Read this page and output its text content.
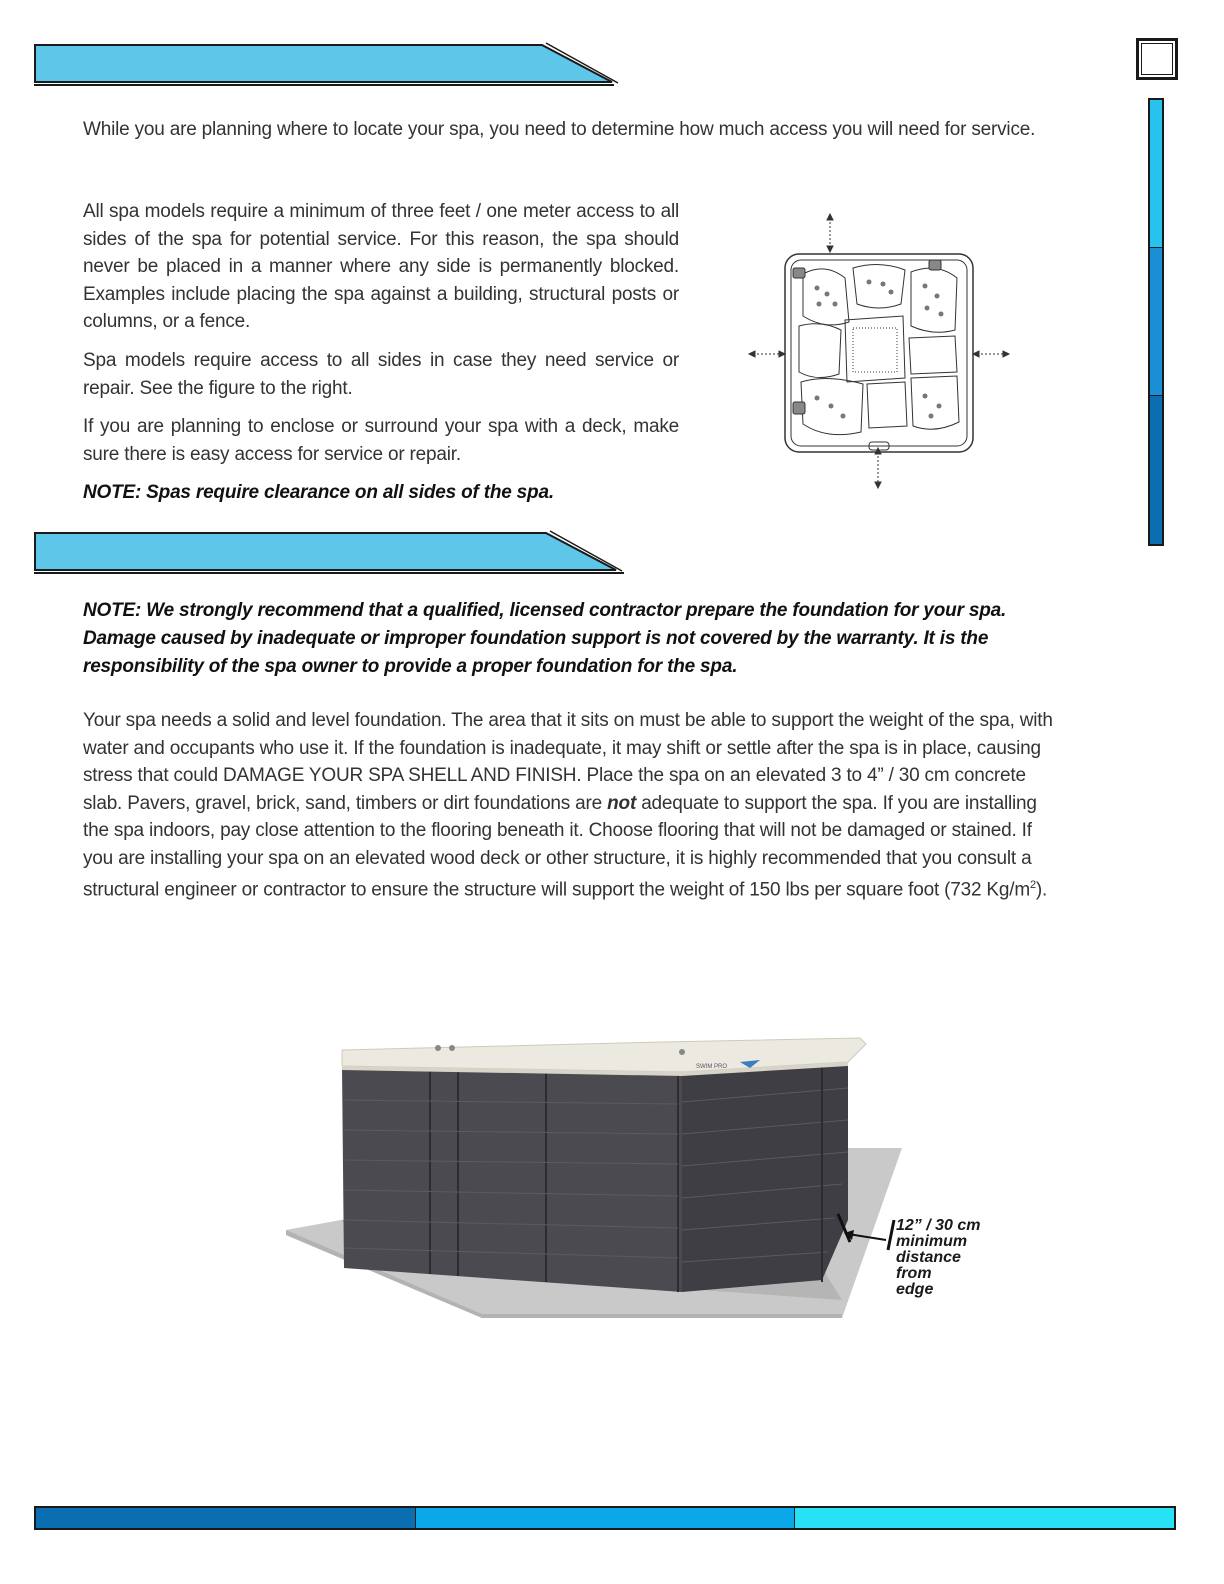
While you are planning where to locate your spa, you need to determine how much access you will need for service.

All spa models require a minimum of three feet / one meter access to all sides of the spa for potential service. For this reason, the spa should never be placed in a manner where any side is permanently blocked. Examples include placing the spa against a building, structural posts or columns, or a fence.

Spa models require access to all sides in case they need service or repair. See the figure to the right.

If you are planning to enclose or surround your spa with a deck, make sure there is easy access for service or repair.

NOTE: Spas require clearance on all sides of the spa.

NOTE: We strongly recommend that a qualified, licensed contractor prepare the foundation for your spa. Damage caused by inadequate or improper foundation support is not covered by the warranty. It is the responsibility of the spa owner to provide a proper foundation for the spa.

Your spa needs a solid and level foundation. The area that it sits on must be able to support the weight of the spa, with water and occupants who use it. If the foundation is inadequate, it may shift or settle after the spa is in place, causing stress that could DAMAGE YOUR SPA SHELL AND FINISH. Place the spa on an elevated 3 to 4” / 30 cm concrete slab. Pavers, gravel, brick, sand, timbers or dirt foundations are not adequate to support the spa. If you are installing the spa indoors, pay close attention to the flooring beneath it. Choose flooring that will not be damaged or stained. If you are installing your spa on an elevated wood deck or other structure, it is highly recommended that you consult a structural engineer or contractor to ensure the structure will support the weight of 150 lbs per square foot (732 $Kg/m^2$).

SWIM PRO
12” / 30 cm
minimum
distance
from
edge
